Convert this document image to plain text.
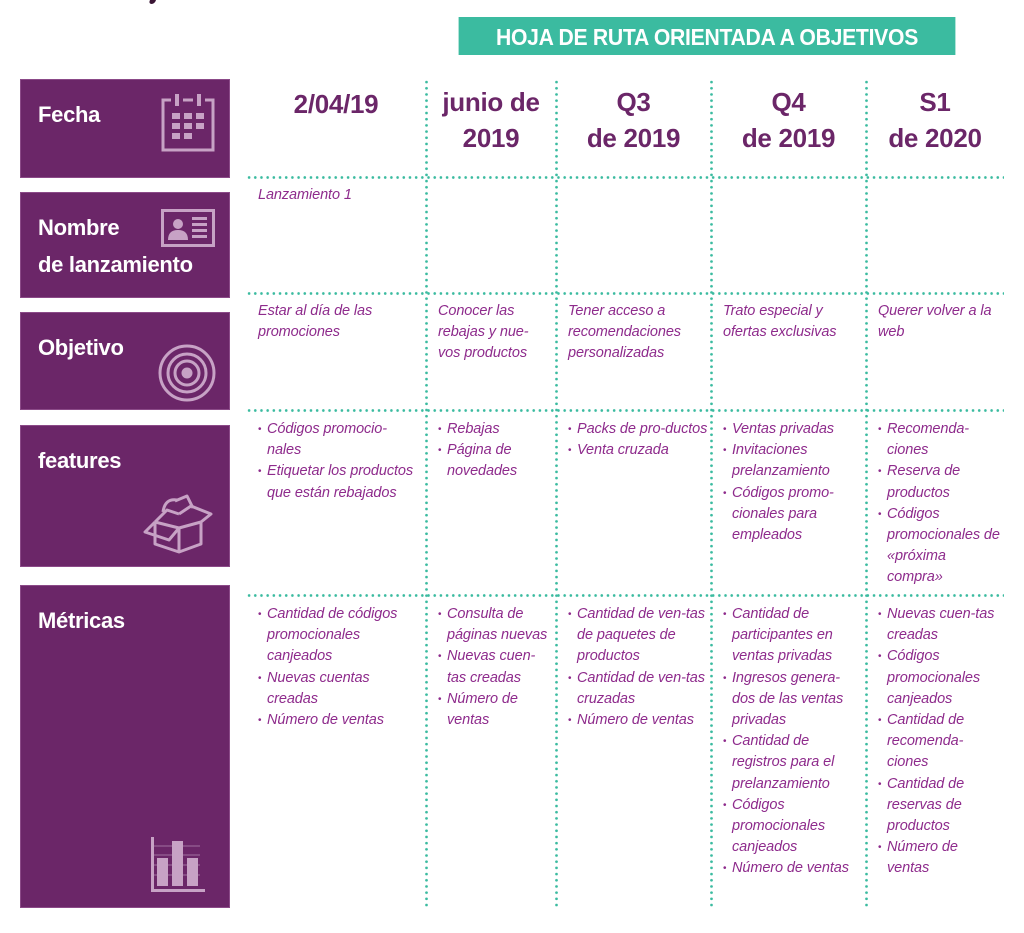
HOJA DE RUTA ORIENTADA A OBJETIVOS
Fecha
Nombre
de lanzamiento
Objetivo
features
Métricas
2/04/19	junio de
2019
Q3
de 2019
Q4
de 2019
S1
de 2020
Lanzamiento 1
Estar al día de las promociones
Conocer las rebajas y nue-vos productos
Tener acceso a recomendaciones personalizadas
Trato especial y ofertas exclusivas
Querer volver a la web
• Códigos promocio-nales
• Etiquetar los productos que están rebajados
• Rebajas
• Página de novedades
• Packs de pro-ductos
• Venta cruzada
• Ventas privadas
• Invitaciones prelanzamiento
• Códigos promo-cionales para empleados
• Recomenda-ciones
• Reserva de productos
• Códigos promocionales de «próxima compra»
• Cantidad de códigos promocionales canjeados
• Nuevas cuentas creadas
• Número de ventas
• Consulta de páginas nuevas
• Nuevas cuen-tas creadas
• Número de ventas
• Cantidad de ven-tas de paquetes de productos
• Cantidad de ven-tas cruzadas
• Número de ventas
• Cantidad de participantes en ventas privadas
• Ingresos genera-dos de las ventas privadas
• Cantidad de registros para el prelanzamiento
• Códigos promocionales canjeados
• Número de ventas
• Nuevas cuen-tas creadas
• Códigos promocionales canjeados
• Cantidad de recomenda-ciones
• Cantidad de reservas de productos
• Número de ventas
